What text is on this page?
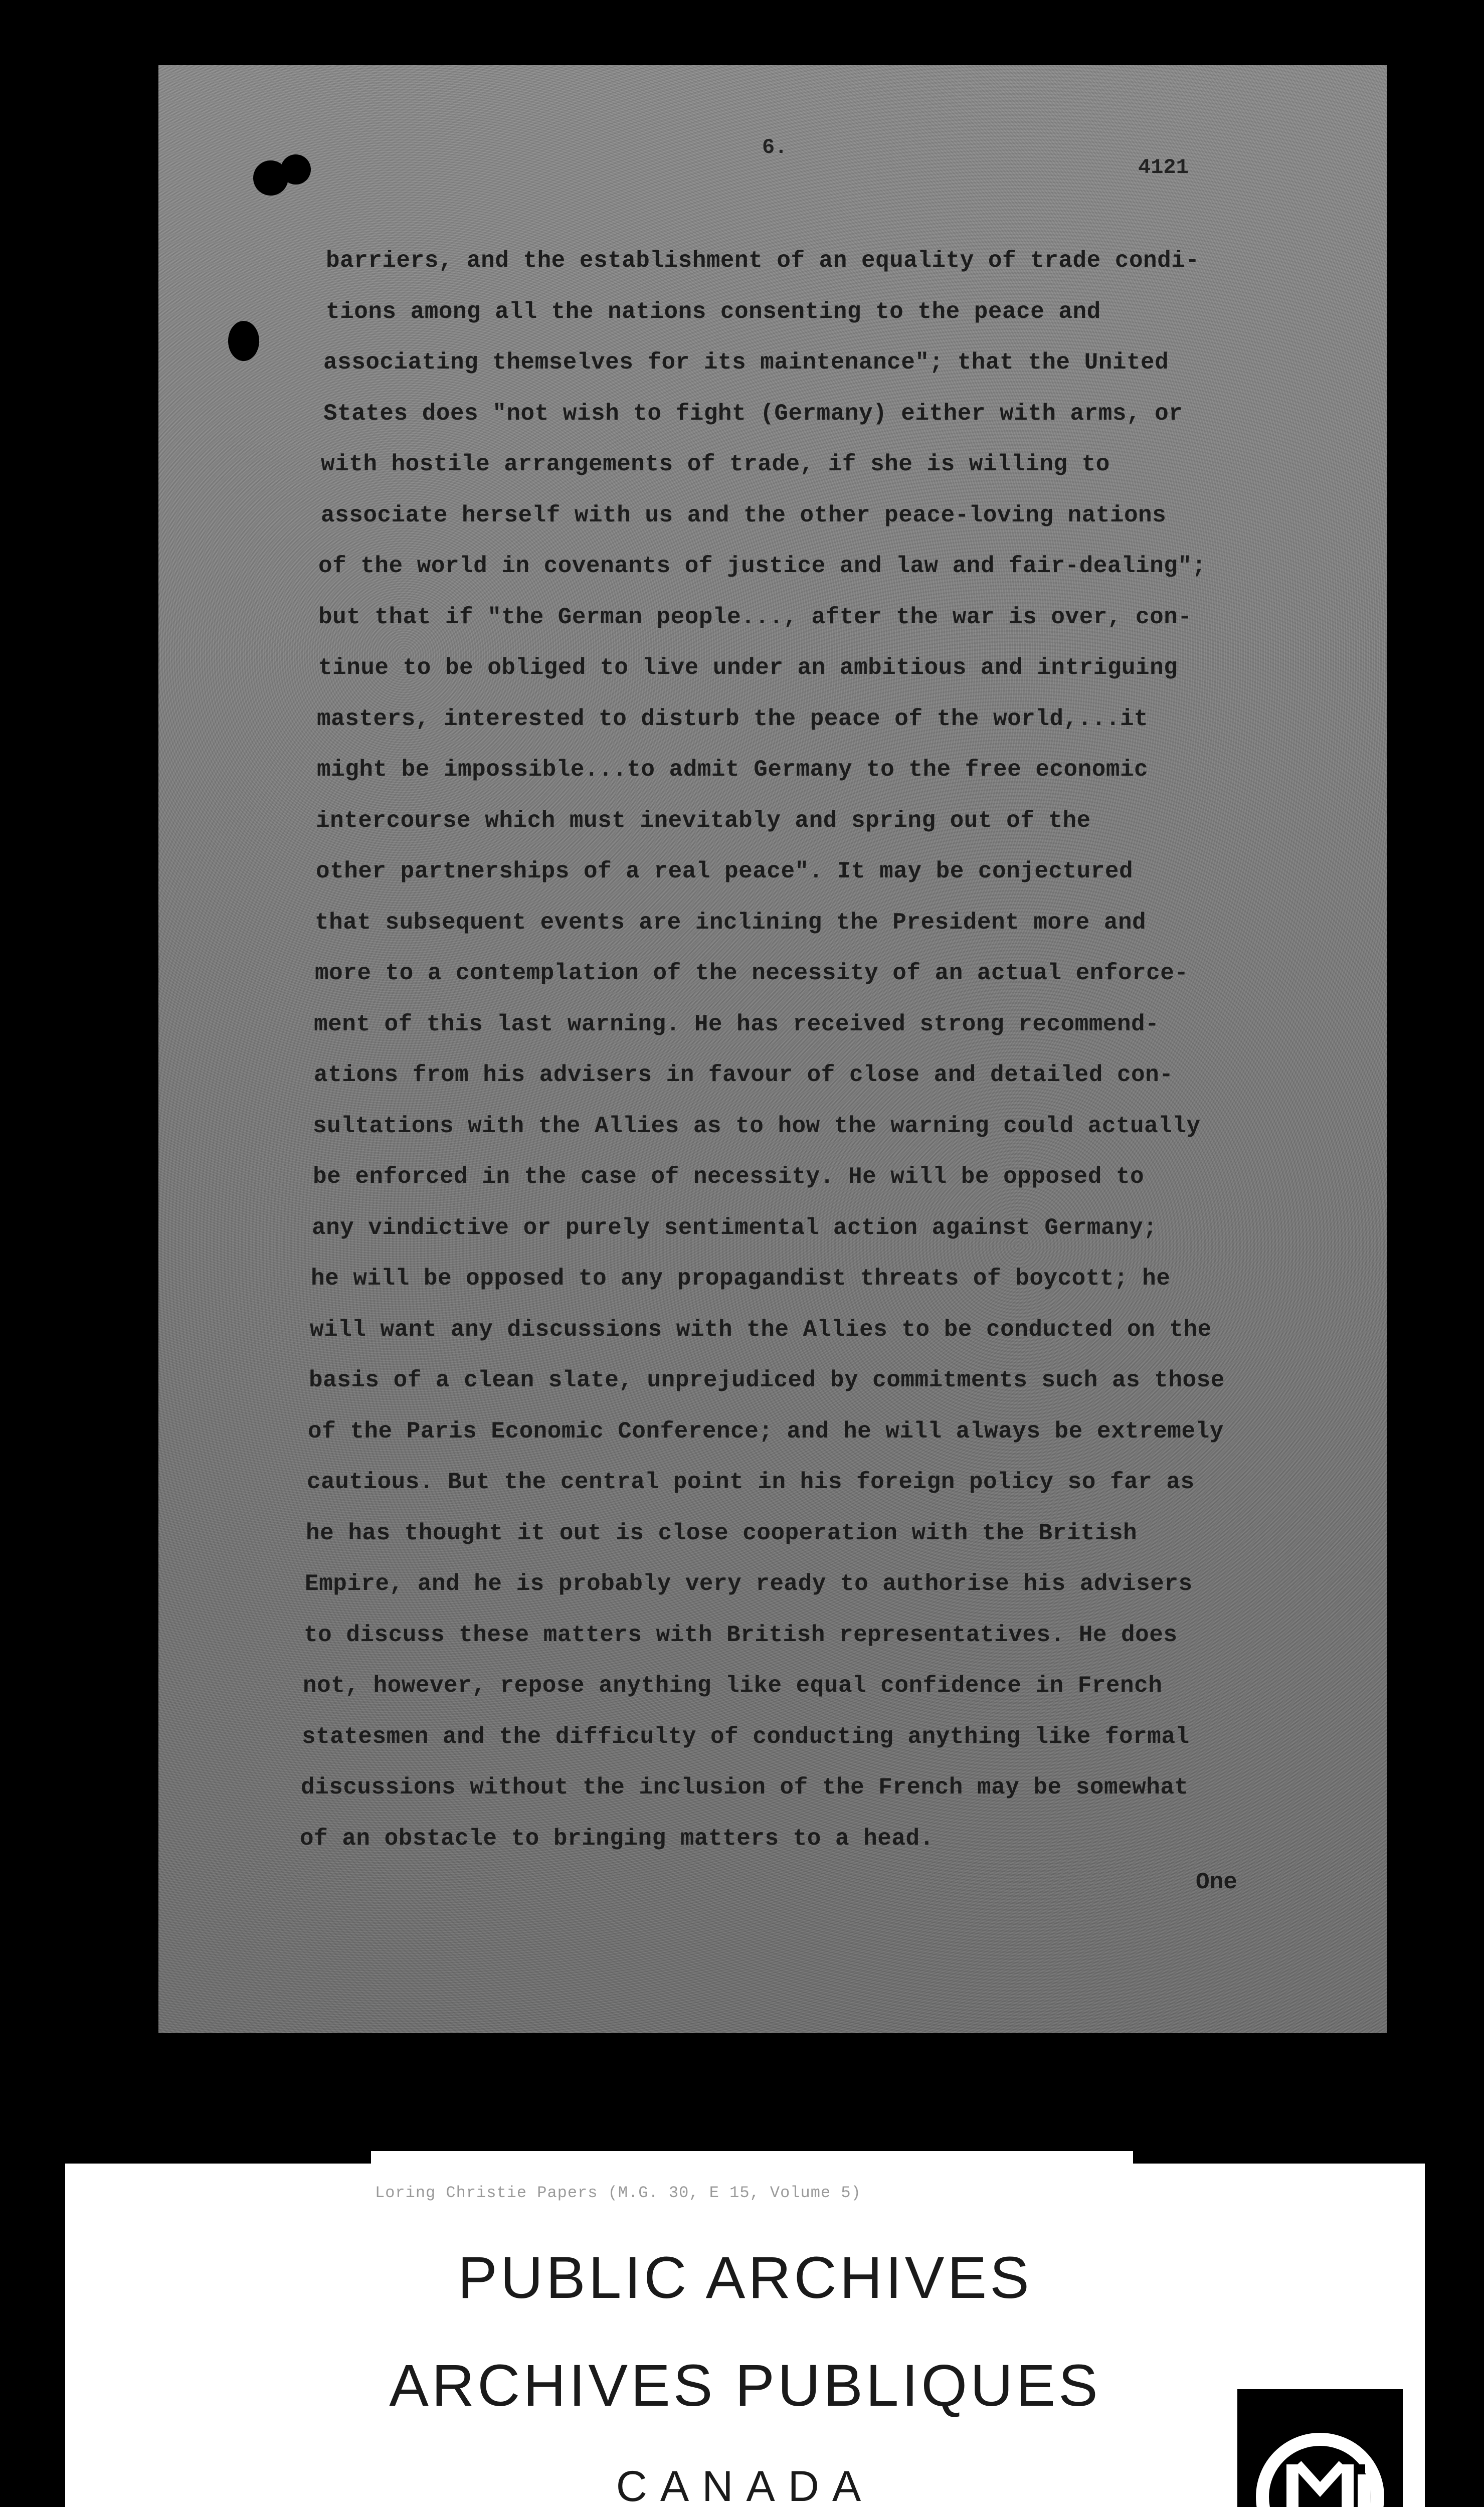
6.
4121
barriers, and the establishment of an equality of trade condi-
tions among all the nations consenting to the peace and
associating themselves for its maintenance"; that the United
States does "not wish to fight (Germany) either with arms, or
with hostile arrangements of trade, if she is willing to
associate herself with us and the other peace-loving nations
of the world in covenants of justice and law and fair-dealing";
but that if "the German people..., after the war is over, con-
tinue to be obliged to live under an ambitious and intriguing
masters, interested to disturb the peace of the world,...it
might be impossible...to admit Germany to the free economic
intercourse which must inevitably and spring out of the
other partnerships of a real peace". It may be conjectured
that subsequent events are inclining the President more and
more to a contemplation of the necessity of an actual enforce-
ment of this last warning. He has received strong recommend-
ations from his advisers in favour of close and detailed con-
sultations with the Allies as to how the warning could actually
be enforced in the case of necessity. He will be opposed to
any vindictive or purely sentimental action against Germany;
he will be opposed to any propagandist threats of boycott; he
will want any discussions with the Allies to be conducted on the
basis of a clean slate, unprejudiced by commitments such as those
of the Paris Economic Conference; and he will always be extremely
cautious. But the central point in his foreign policy so far as
he has thought it out is close cooperation with the British
Empire, and he is probably very ready to authorise his advisers
to discuss these matters with British representatives. He does
not, however, repose anything like equal confidence in French
statesmen and the difficulty of conducting anything like formal
discussions without the inclusion of the French may be somewhat
of an obstacle to bringing matters to a head.
One
Loring Christie Papers (M.G. 30, E 15, Volume 5)
PUBLIC ARCHIVES
ARCHIVES PUBLIQUES
CANADA
